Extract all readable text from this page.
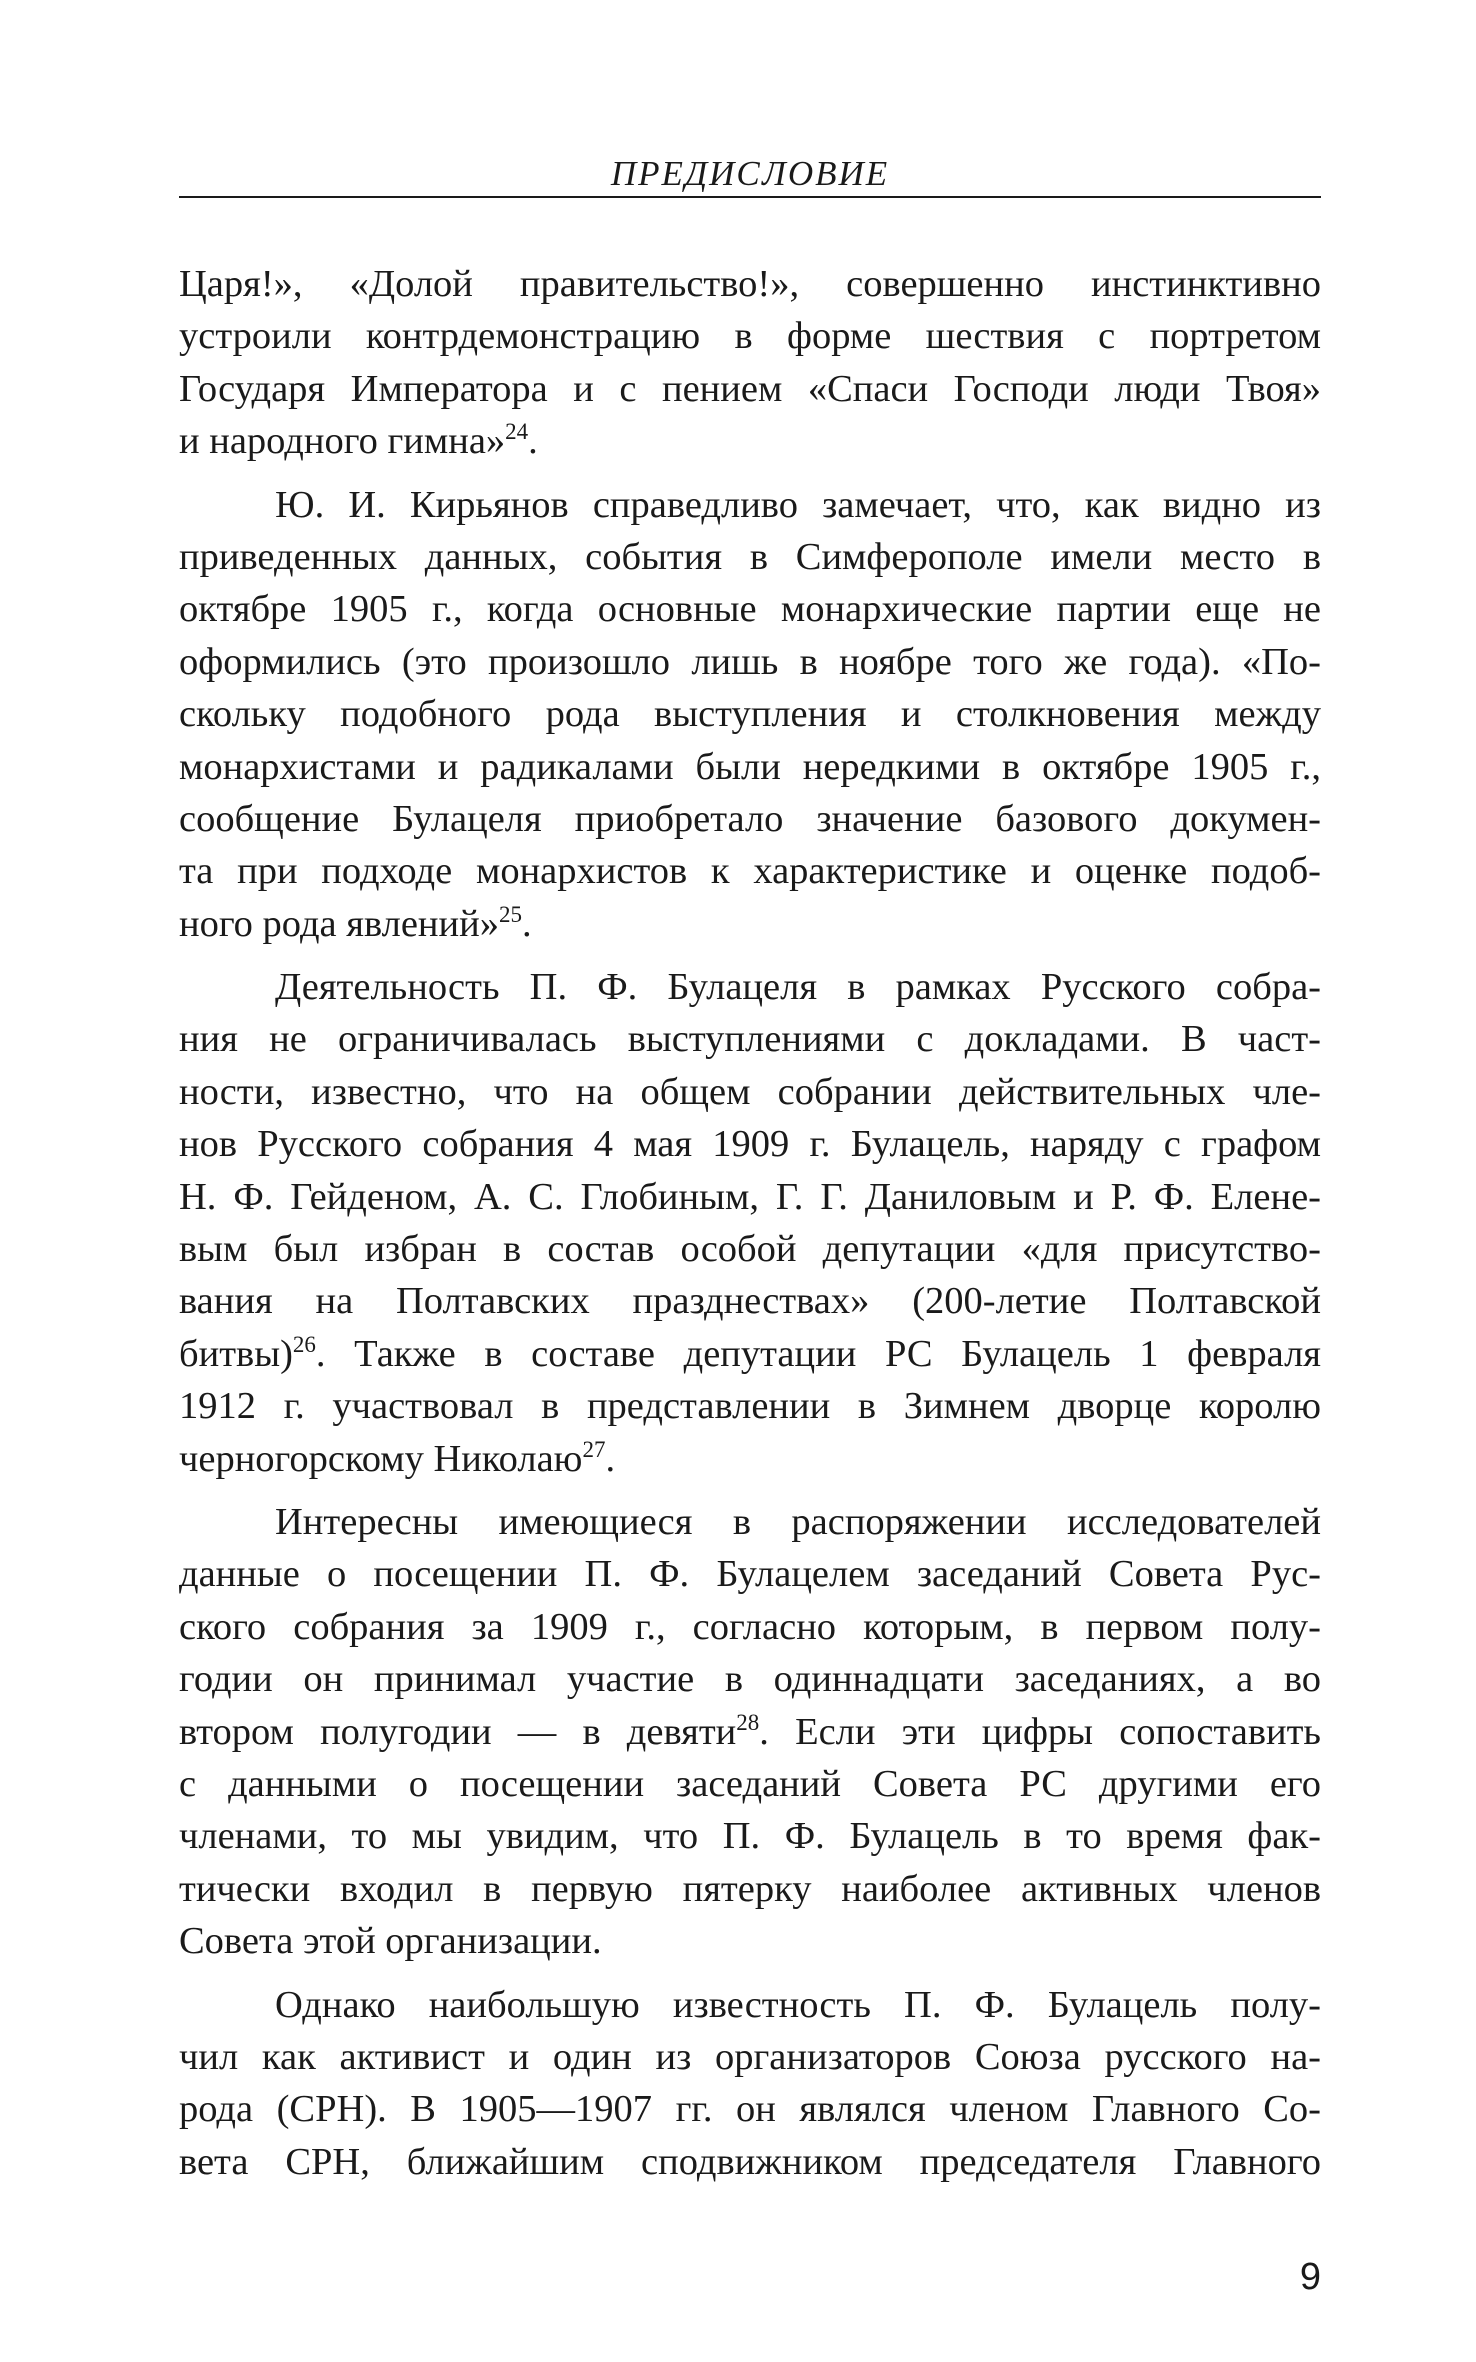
ПРЕДИСЛОВИЕ
Царя!», «Долой правительство!», совершенно инстинктивно
устроили контрдемонстрацию в форме шествия с портретом
Государя Императора и с пением «Спаси Господи люди Твоя»
и народного гимна»$^{24}$.
Ю. И. Кирьянов справедливо замечает, что, как видно из
приведенных данных, события в Симферополе имели место в
октябре 1905 г., когда основные монархические партии еще не
оформились (это произошло лишь в ноябре того же года). «По-
скольку подобного рода выступления и столкновения между
монархистами и радикалами были нередкими в октябре 1905 г.,
сообщение Булацеля приобретало значение базового докумен-
та при подходе монархистов к характеристике и оценке подоб-
ного рода явлений»$^{25}$.
Деятельность П. Ф. Булацеля в рамках Русского собра-
ния не ограничивалась выступлениями с докладами. В част-
ности, известно, что на общем собрании действительных чле-
нов Русского собрания 4 мая 1909 г. Булацель, наряду с графом
Н. Ф. Гейденом, А. С. Глобиным, Г. Г. Даниловым и Р. Ф. Елене-
вым был избран в состав особой депутации «для присутство-
вания на Полтавских празднествах» (200-летие Полтавской
битвы)$^{26}$. Также в составе депутации РС Булацель 1 февраля
1912 г. участвовал в представлении в Зимнем дворце королю
черногорскому Николаю$^{27}$.
Интересны имеющиеся в распоряжении исследователей
данные о посещении П. Ф. Булацелем заседаний Совета Рус-
ского собрания за 1909 г., согласно которым, в первом полу-
годии он принимал участие в одиннадцати заседаниях, а во
втором полугодии — в девяти$^{28}$. Если эти цифры сопоставить
с данными о посещении заседаний Совета РС другими его
членами, то мы увидим, что П. Ф. Булацель в то время фак-
тически входил в первую пятерку наиболее активных членов
Совета этой организации.
Однако наибольшую известность П. Ф. Булацель полу-
чил как активист и один из организаторов Союза русского на-
рода (СРН). В 1905—1907 гг. он являлся членом Главного Со-
вета СРН, ближайшим сподвижником председателя Главного
9
